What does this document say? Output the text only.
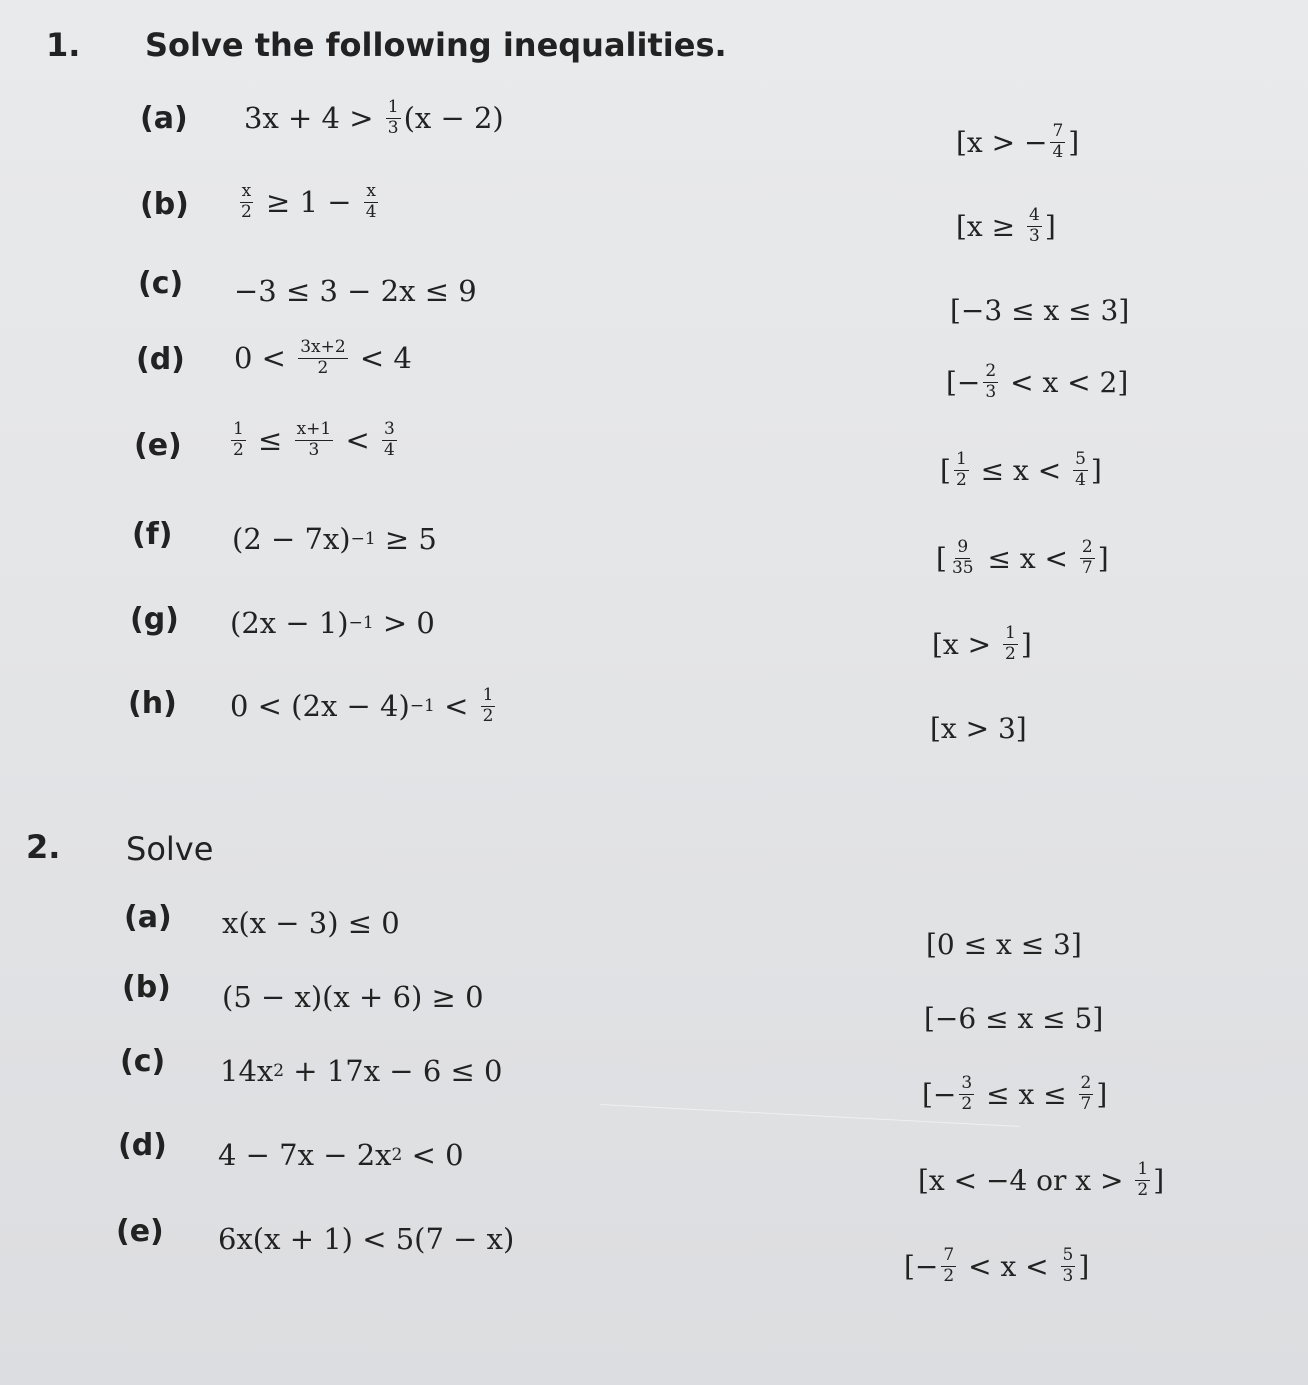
1. Solve the following inequalities.
(a) $3x + 4 > \frac{1}{3} (x - 2)$
[x > − $\frac{7}{4}$ ]
(b)	$\frac{x}{2} \ge 1 - \frac{x}{4}$
[$x \ge \frac{4}{3}$ ]
(c) −3 ≤ 3 − 2x ≤ 9
[−3 ≤ x ≤ 3]
(d) $0 < \frac{3x+2}{2} < 4$
[− $\frac{2}{3} < x < 2$]
(e)	$\frac{1}{2} \le \frac{x+1}{3} < \frac{3}{4}$
[ $\frac{1}{2} \le x < \frac{5}{4}$ ]
(f) (2 − 7x) −1 ≥ 5
[ $\frac{9}{35} \le x < \frac{2}{7}$ ]
(g) (2x − 1) −1 > 0
[$x > \frac{1}{2}$ ]
(h) $0 < (2x - 4) -1 < \frac{1}{2}$
[x > 3]
2. Solve
(a) x(x − 3) ≤ 0
[0 ≤ x ≤ 3]
(b) (5 − x)(x + 6) ≥ 0
[−6 ≤ x ≤ 5]
(c) 14x 2 + 17x − 6 ≤ 0
[− $\frac{3}{2} \le x \le \frac{2}{7}$ ]
(d) 4 − 7x − 2x 2 < 0
[x < −4 or $x > \frac{1}{2}$ ]
(e) 6x(x + 1) < 5(7 − x)
[− $\frac{7}{2} < x < \frac{5}{3}$ ]
